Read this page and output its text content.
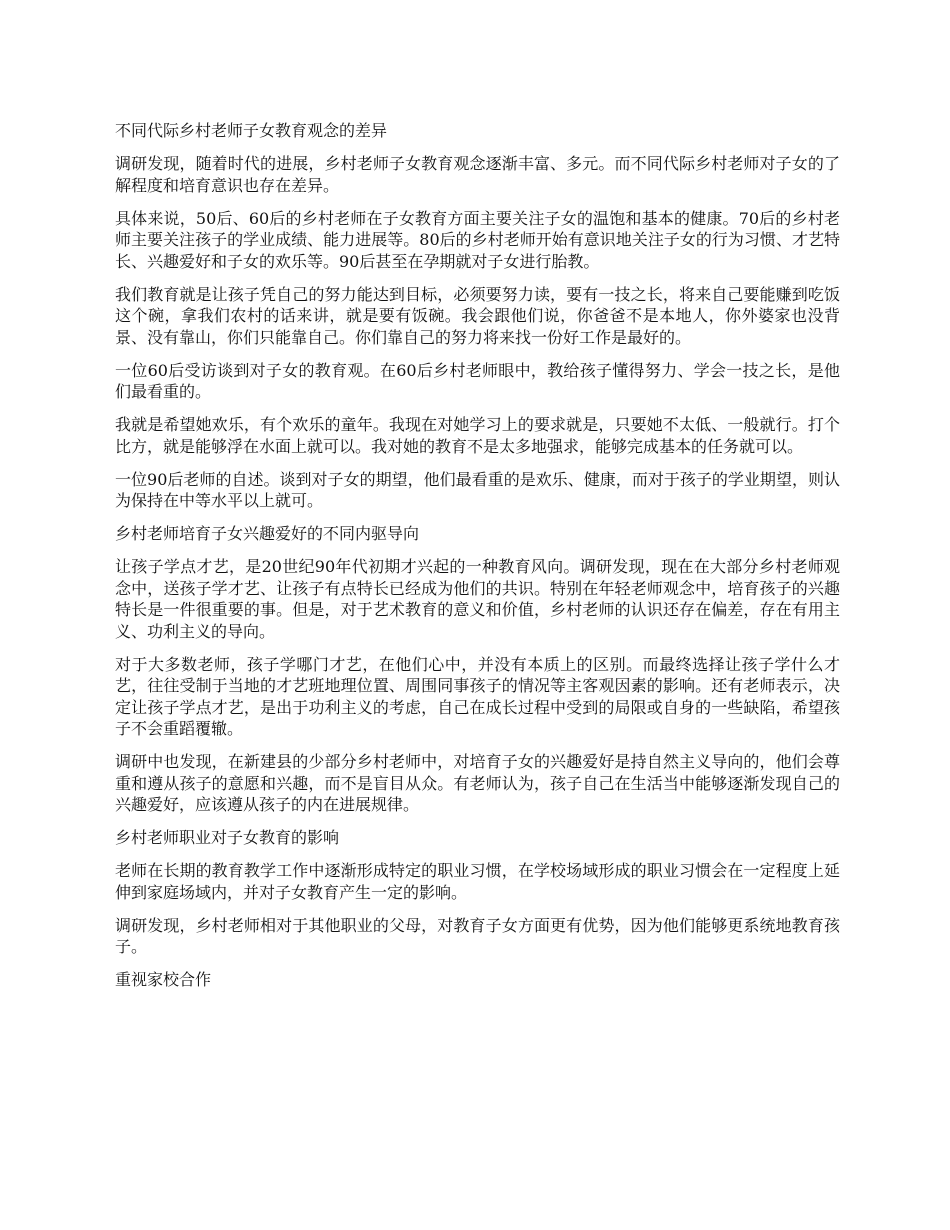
不同代际乡村老师子女教育观念的差异

调研发现，随着时代的进展，乡村老师子女教育观念逐渐丰富、多元。而不同代际乡村老师对子女的了解程度和培育意识也存在差异。

具体来说，50后、60后的乡村老师在子女教育方面主要关注子女的温饱和基本的健康。70后的乡村老师主要关注孩子的学业成绩、能力进展等。80后的乡村老师开始有意识地关注子女的行为习惯、才艺特长、兴趣爱好和子女的欢乐等。90后甚至在孕期就对子女进行胎教。

我们教育就是让孩子凭自己的努力能达到目标，必须要努力读，要有一技之长，将来自己要能赚到吃饭这个碗，拿我们农村的话来讲，就是要有饭碗。我会跟他们说，你爸爸不是本地人，你外婆家也没背景、没有靠山，你们只能靠自己。你们靠自己的努力将来找一份好工作是最好的。

一位60后受访谈到对子女的教育观。在60后乡村老师眼中，教给孩子懂得努力、学会一技之长，是他们最看重的。

我就是希望她欢乐，有个欢乐的童年。我现在对她学习上的要求就是，只要她不太低、一般就行。打个比方，就是能够浮在水面上就可以。我对她的教育不是太多地强求，能够完成基本的任务就可以。

一位90后老师的自述。谈到对子女的期望，他们最看重的是欢乐、健康，而对于孩子的学业期望，则认为保持在中等水平以上就可。

乡村老师培育子女兴趣爱好的不同内驱导向

让孩子学点才艺，是20世纪90年代初期才兴起的一种教育风向。调研发现，现在在大部分乡村老师观念中，送孩子学才艺、让孩子有点特长已经成为他们的共识。特别在年轻老师观念中，培育孩子的兴趣特长是一件很重要的事。但是，对于艺术教育的意义和价值，乡村老师的认识还存在偏差，存在有用主义、功利主义的导向。

对于大多数老师，孩子学哪门才艺，在他们心中，并没有本质上的区别。而最终选择让孩子学什么才艺，往往受制于当地的才艺班地理位置、周围同事孩子的情况等主客观因素的影响。还有老师表示，决定让孩子学点才艺，是出于功利主义的考虑，自己在成长过程中受到的局限或自身的一些缺陷，希望孩子不会重蹈覆辙。

调研中也发现，在新建县的少部分乡村老师中，对培育子女的兴趣爱好是持自然主义导向的，他们会尊重和遵从孩子的意愿和兴趣，而不是盲目从众。有老师认为，孩子自己在生活当中能够逐渐发现自己的兴趣爱好，应该遵从孩子的内在进展规律。

乡村老师职业对子女教育的影响

老师在长期的教育教学工作中逐渐形成特定的职业习惯，在学校场域形成的职业习惯会在一定程度上延伸到家庭场域内，并对子女教育产生一定的影响。

调研发现，乡村老师相对于其他职业的父母，对教育子女方面更有优势，因为他们能够更系统地教育孩子。

重视家校合作
